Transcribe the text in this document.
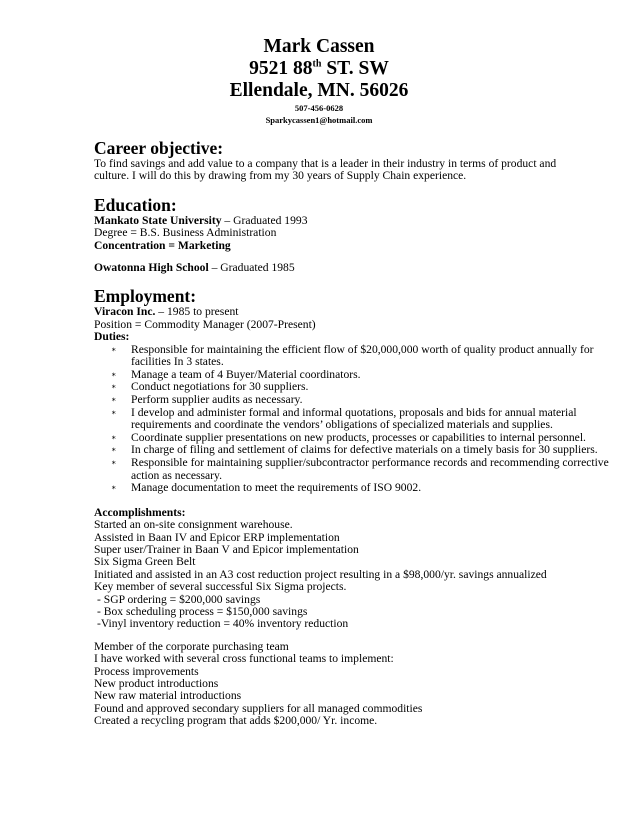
Mark Cassen
9521 88th ST. SW
Ellendale, MN. 56026
507-456-0628
Sparkycassen1@hotmail.com
Career objective:
To find savings and add value to a company that is a leader in their industry in terms of product and
culture. I will do this by drawing from my 30 years of Supply Chain experience.
Education:
Mankato State University – Graduated 1993
Degree = B.S. Business Administration
Concentration = Marketing
Owatonna High School – Graduated 1985
Employment:
Viracon Inc. – 1985 to present
Position = Commodity Manager (2007-Present)
Duties:
∗ Responsible for maintaining the efficient flow of $20,000,000 worth of quality product annually for facilities In 3 states.
∗ Manage a team of 4 Buyer/Material coordinators.
∗ Conduct negotiations for 30 suppliers.
∗ Perform supplier audits as necessary.
∗ I develop and administer formal and informal quotations, proposals and bids for annual material requirements and coordinate the vendors’ obligations of specialized materials and supplies.
∗ Coordinate supplier presentations on new products, processes or capabilities to internal personnel.
∗ In charge of filing and settlement of claims for defective materials on a timely basis for 30 suppliers.
∗ Responsible for maintaining supplier/subcontractor performance records and recommending corrective action as necessary.
∗ Manage documentation to meet the requirements of ISO 9002.
Accomplishments:
Started an on-site consignment warehouse.
Assisted in Baan IV and Epicor ERP implementation
Super user/Trainer in Baan V and Epicor implementation
Six Sigma Green Belt
Initiated and assisted in an A3 cost reduction project resulting in a $98,000/yr. savings annualized
Key member of several successful Six Sigma projects.
- SGP ordering = $200,000 savings
- Box scheduling process = $150,000 savings
-Vinyl inventory reduction = 40% inventory reduction
Member of the corporate purchasing team
I have worked with several cross functional teams to implement:
Process improvements
New product introductions
New raw material introductions
Found and approved secondary suppliers for all managed commodities
Created a recycling program that adds $200,000/ Yr. income.
